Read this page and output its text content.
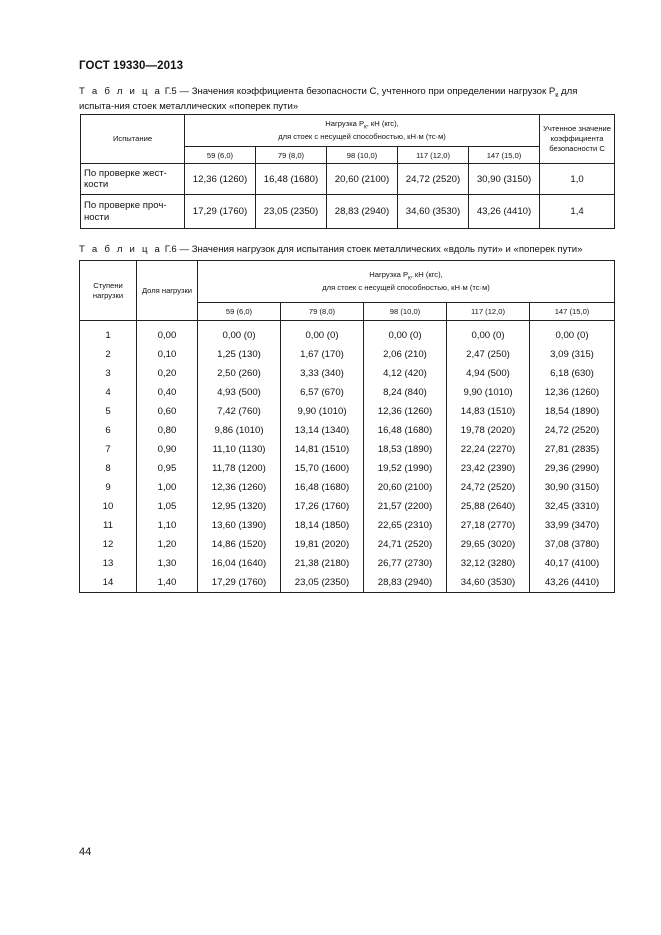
ГОСТ 19330—2013
Т а б л и ц а Г.5 — Значения коэффициента безопасности С, учтенного при определении нагрузок $P_к$ для испыта-ния стоек металлических «поперек пути»
Испытание	Нагрузка $P_к$, кН (кгс),
для стоек с несущей способностью, кН·м (тс·м)					Учтенное значение коэффициента безопасности С
	59 (6,0)	79 (8,0)	98 (10,0)	117 (12,0)	147 (15,0)	
По проверке жест-кости	12,36 (1260)	16,48 (1680)	20,60 (2100)	24,72 (2520)	30,90 (3150)	1,0
По проверке проч-ности	17,29 (1760)	23,05 (2350)	28,83 (2940)	34,60 (3530)	43,26 (4410)	1,4
Т а б л и ц а Г.6 — Значения нагрузок для испытания стоек металлических «вдоль пути» и «поперек пути»
Ступени нагрузки	Доля нагрузки	Нагрузка $P_к$, кН (кгс),
для стоек с несущей способностью, кН·м (тс·м)				
		59 (6,0)	79 (8,0)	98 (10,0)	117 (12,0)	147 (15,0)

1	0,00	0,00 (0)	0,00 (0)	0,00 (0)	0,00 (0)	0,00 (0)
2	0,10	1,25 (130)	1,67 (170)	2,06 (210)	2,47 (250)	3,09 (315)
3	0,20	2,50 (260)	3,33 (340)	4,12 (420)	4,94 (500)	6,18 (630)
4	0,40	4,93 (500)	6,57 (670)	8,24 (840)	9,90 (1010)	12,36 (1260)
5	0,60	7,42 (760)	9,90 (1010)	12,36 (1260)	14,83 (1510)	18,54 (1890)
6	0,80	9,86 (1010)	13,14 (1340)	16,48 (1680)	19,78 (2020)	24,72 (2520)
7	0,90	11,10 (1130)	14,81 (1510)	18,53 (1890)	22,24 (2270)	27,81 (2835)
8	0,95	11,78 (1200)	15,70 (1600)	19,52 (1990)	23,42 (2390)	29,36 (2990)
9	1,00	12,36 (1260)	16,48 (1680)	20,60 (2100)	24,72 (2520)	30,90 (3150)
10	1,05	12,95 (1320)	17,26 (1760)	21,57 (2200)	25,88 (2640)	32,45 (3310)
11	1,10	13,60 (1390)	18,14 (1850)	22,65 (2310)	27,18 (2770)	33,99 (3470)
12	1,20	14,86 (1520)	19,81 (2020)	24,71 (2520)	29,65 (3020)	37,08 (3780)
13	1,30	16,04 (1640)	21,38 (2180)	26,77 (2730)	32,12 (3280)	40,17 (4100)
14	1,40	17,29 (1760)	23,05 (2350)	28,83 (2940)	34,60 (3530)	43,26 (4410)
44
